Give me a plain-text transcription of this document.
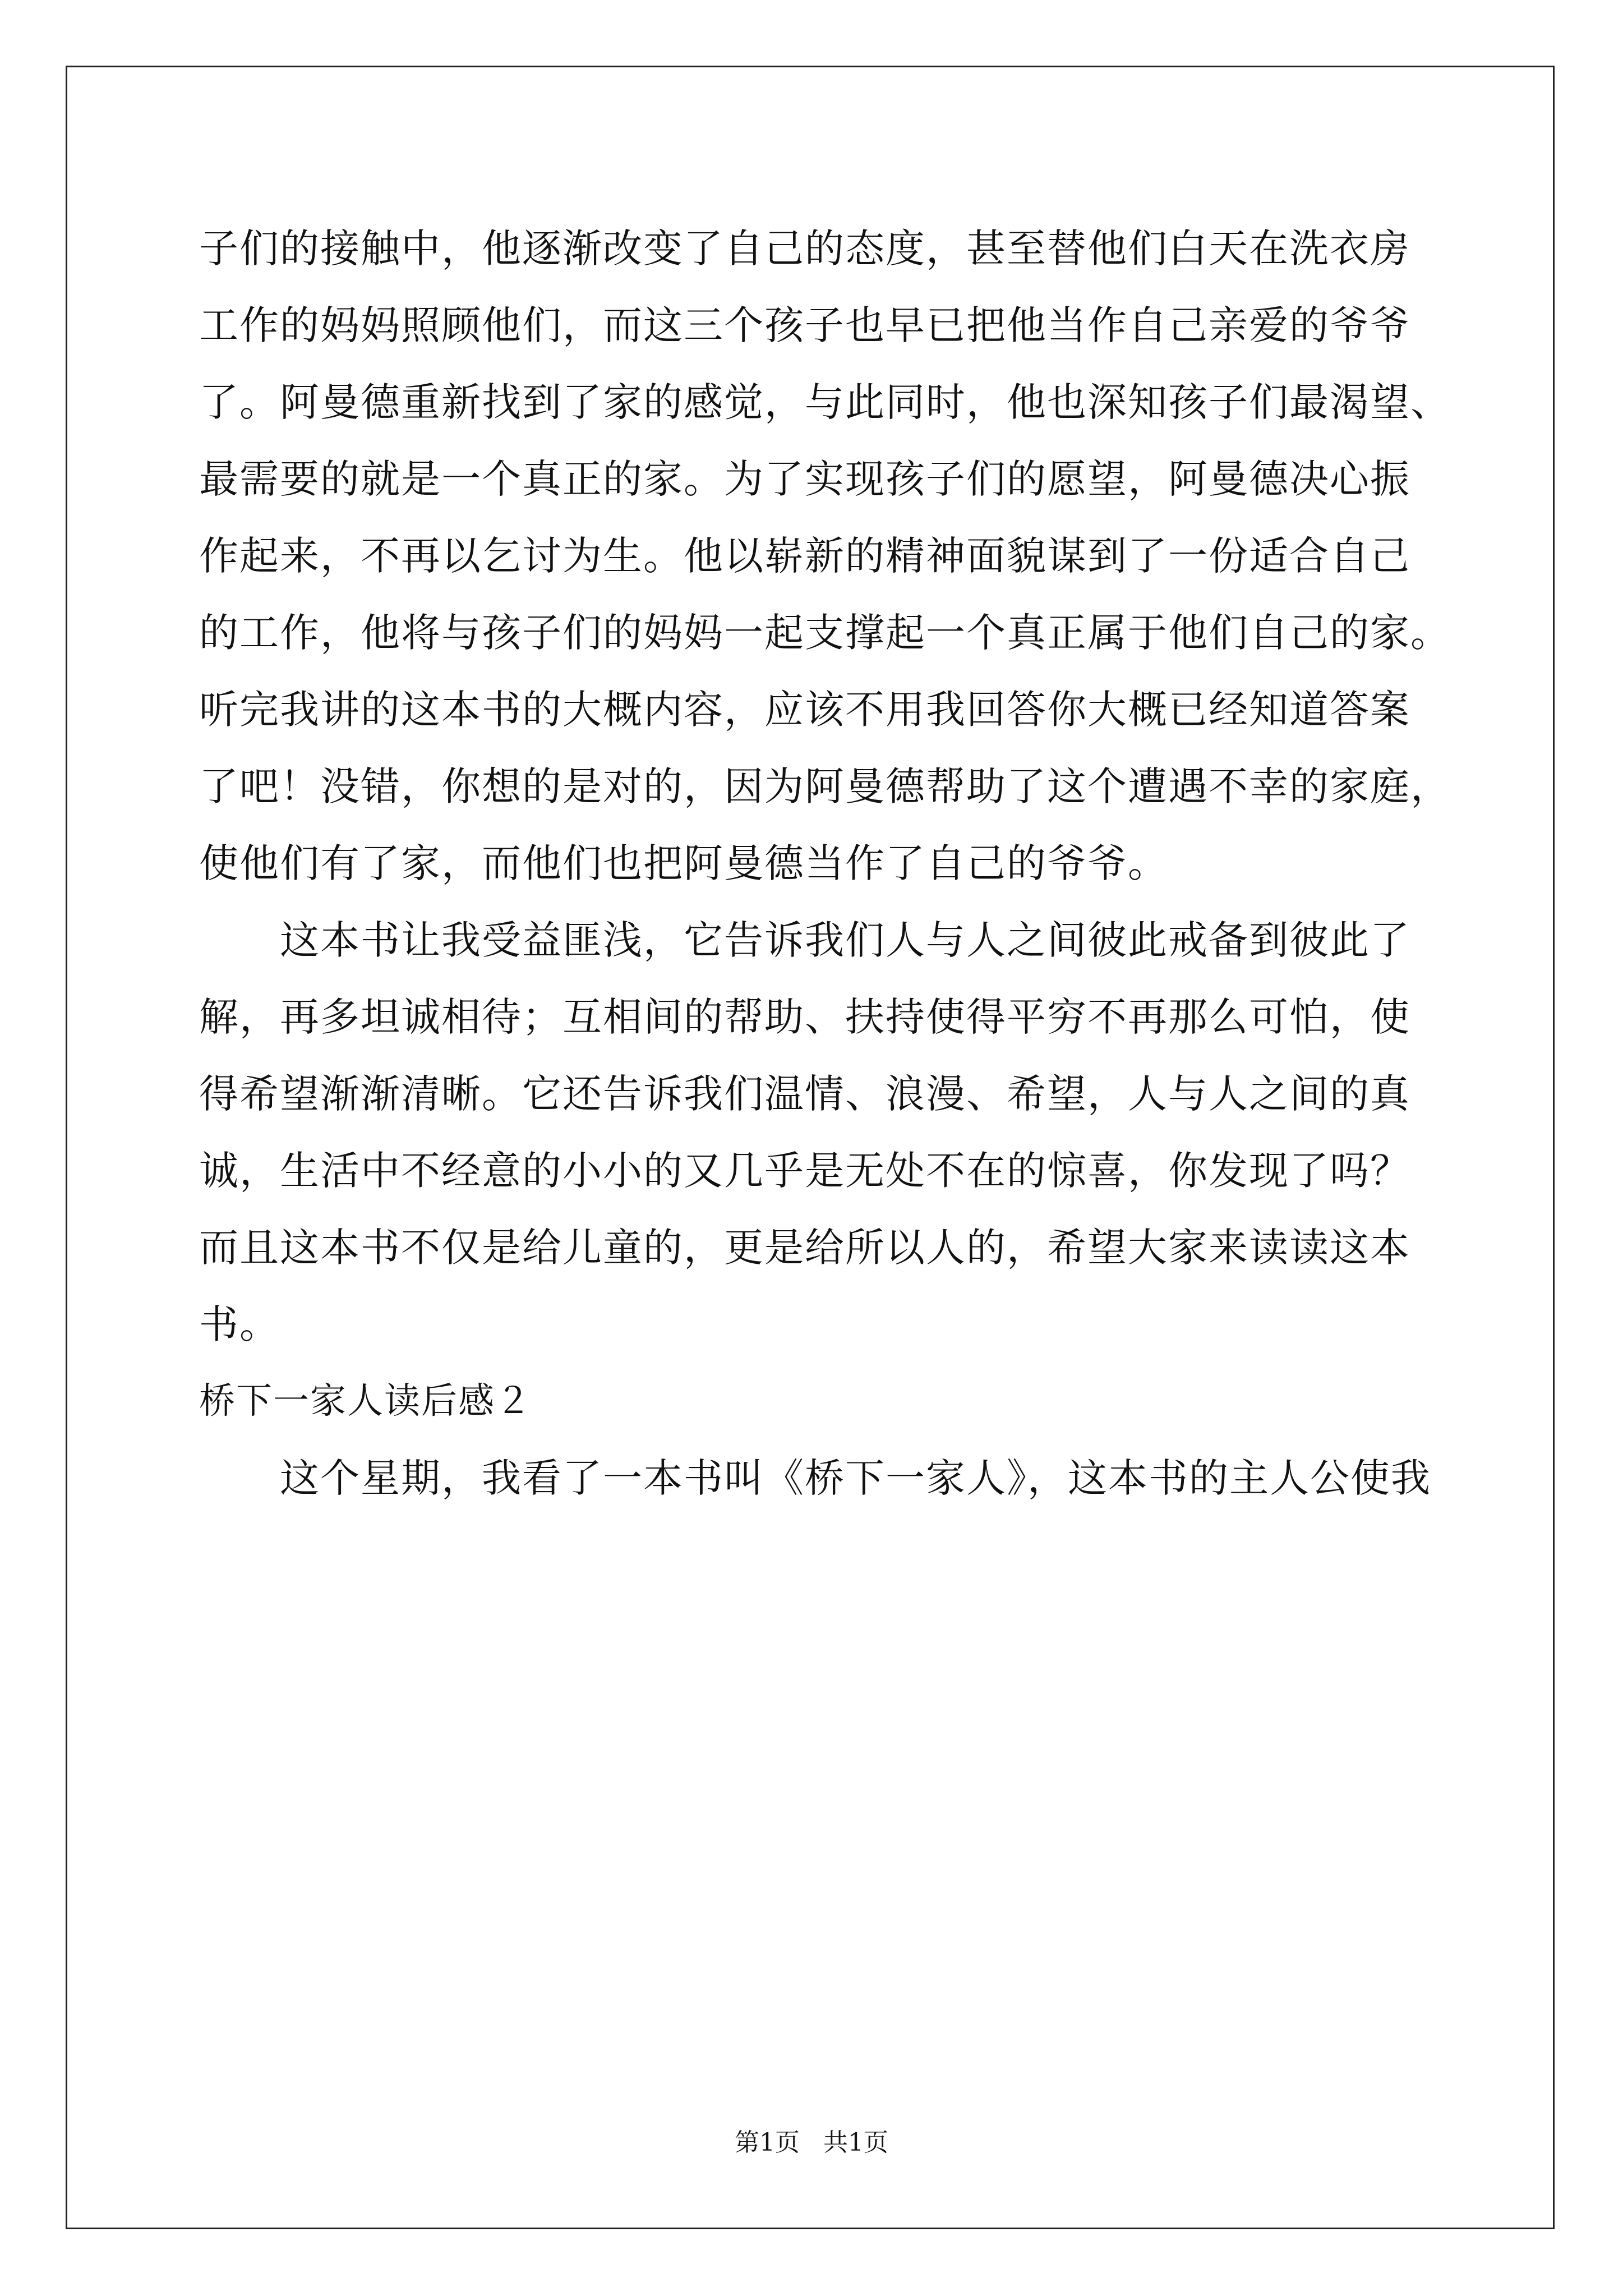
子们的接触中，他逐渐改变了自己的态度，甚至替他们白天在洗衣房
工作的妈妈照顾他们，而这三个孩子也早已把他当作自己亲爱的爷爷
了。阿曼德重新找到了家的感觉，与此同时，他也深知孩子们最渴望、
最需要的就是一个真正的家。为了实现孩子们的愿望，阿曼德决心振
作起来，不再以乞讨为生。他以崭新的精神面貌谋到了一份适合自己
的工作，他将与孩子们的妈妈一起支撑起一个真正属于他们自己的家。
听完我讲的这本书的大概内容，应该不用我回答你大概已经知道答案
了吧！没错，你想的是对的，因为阿曼德帮助了这个遭遇不幸的家庭，
使他们有了家，而他们也把阿曼德当作了自己的爷爷。
　　这本书让我受益匪浅，它告诉我们人与人之间彼此戒备到彼此了
解，再多坦诚相待；互相间的帮助、扶持使得平穷不再那么可怕，使
得希望渐渐清晰。它还告诉我们温情、浪漫、希望，人与人之间的真
诚，生活中不经意的小小的又几乎是无处不在的惊喜，你发现了吗？
而且这本书不仅是给儿童的，更是给所以人的，希望大家来读读这本
书。
桥下一家人读后感２
　　这个星期，我看了一本书叫《桥下一家人》，这本书的主人公使我
第1页   共1页
